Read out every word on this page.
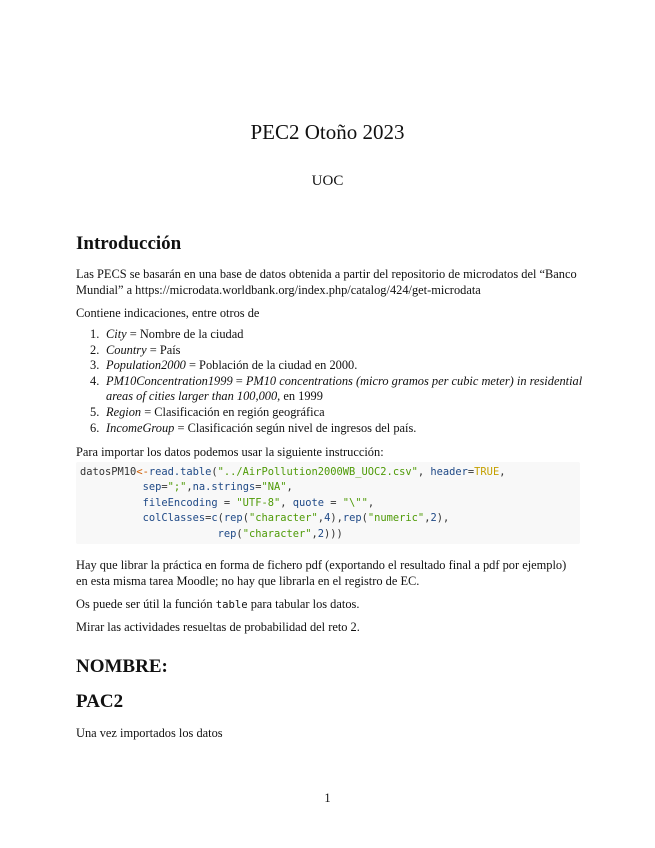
PEC2 Otoño 2023
UOC
Introducción

Las PECS se basarán en una base de datos obtenida a partir del repositorio de microdatos del “Banco Mundial” a https://microdata.worldbank.org/index.php/catalog/424/get-microdata

Contiene indicaciones, entre otros de

1. City = Nombre de la ciudad
2. Country = País
3. Population2000 = Población de la ciudad en 2000.
4. PM10Concentration1999 = PM10 concentrations (micro gramos per cubic meter) in residential areas of cities larger than 100,000, en 1999
5. Region = Clasificación en región geográfica
6. IncomeGroup = Clasificación según nivel de ingresos del país.

Para importar los datos podemos usar la siguiente instrucción:

datosPM10<-read.table("../AirPollution2000WB_UOC2.csv", header=TRUE,
sep=";",na.strings="NA",
fileEncoding = "UTF-8", quote = "\"",
colClasses=c(rep("character",4),rep("numeric",2),
rep("character",2)))

Hay que librar la práctica en forma de fichero pdf (exportando el resultado final a pdf por ejemplo) en esta misma tarea Moodle; no hay que librarla en el registro de EC.

Os puede ser útil la función table para tabular los datos.

Mirar las actividades resueltas de probabilidad del reto 2.

NOMBRE:
PAC2

Una vez importados los datos

1
